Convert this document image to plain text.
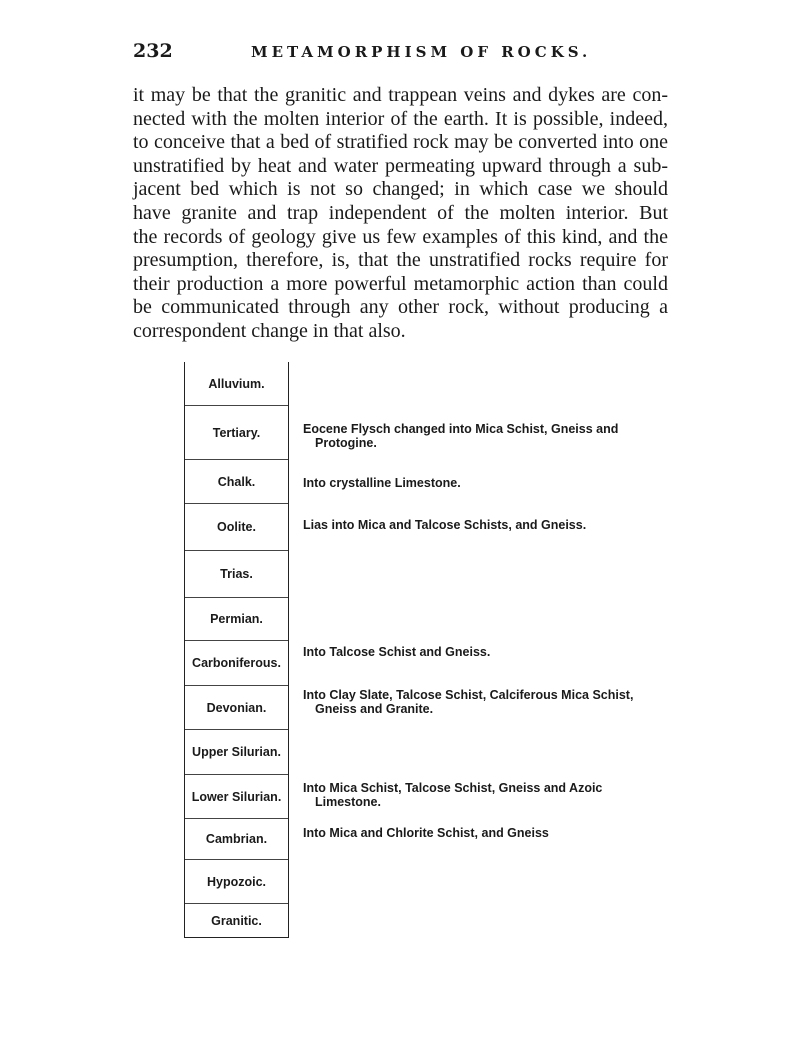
232	METAMORPHISM OF ROCKS.
it may be that the granitic and trappean veins and dykes are con-
nected with the molten interior of the earth. It is possible, indeed,
to conceive that a bed of stratified rock may be converted into one
unstratified by heat and water permeating upward through a sub-
jacent bed which is not so changed; in which case we should
have granite and trap independent of the molten interior. But
the records of geology give us few examples of this kind, and the
presumption, therefore, is, that the unstratified rocks require for
their production a more powerful metamorphic action than could
be communicated through any other rock, without producing a
correspondent change in that also.
Alluvium.
Tertiary.
Chalk.
Oolite.
Trias.
Permian.
Carboniferous.
Devonian.
Upper Silurian.
Lower Silurian.
Cambrian.
Hypozoic.
Granitic.
Eocene Flysch changed into Mica Schist, Gneiss and Protogine.
Into crystalline Limestone.
Lias into Mica and Talcose Schists, and Gneiss.
Into Talcose Schist and Gneiss.
Into Clay Slate, Talcose Schist, Calciferous Mica Schist, Gneiss and Granite.
Into Mica Schist, Talcose Schist, Gneiss and Azoic Limestone.
Into Mica and Chlorite Schist, and Gneiss
